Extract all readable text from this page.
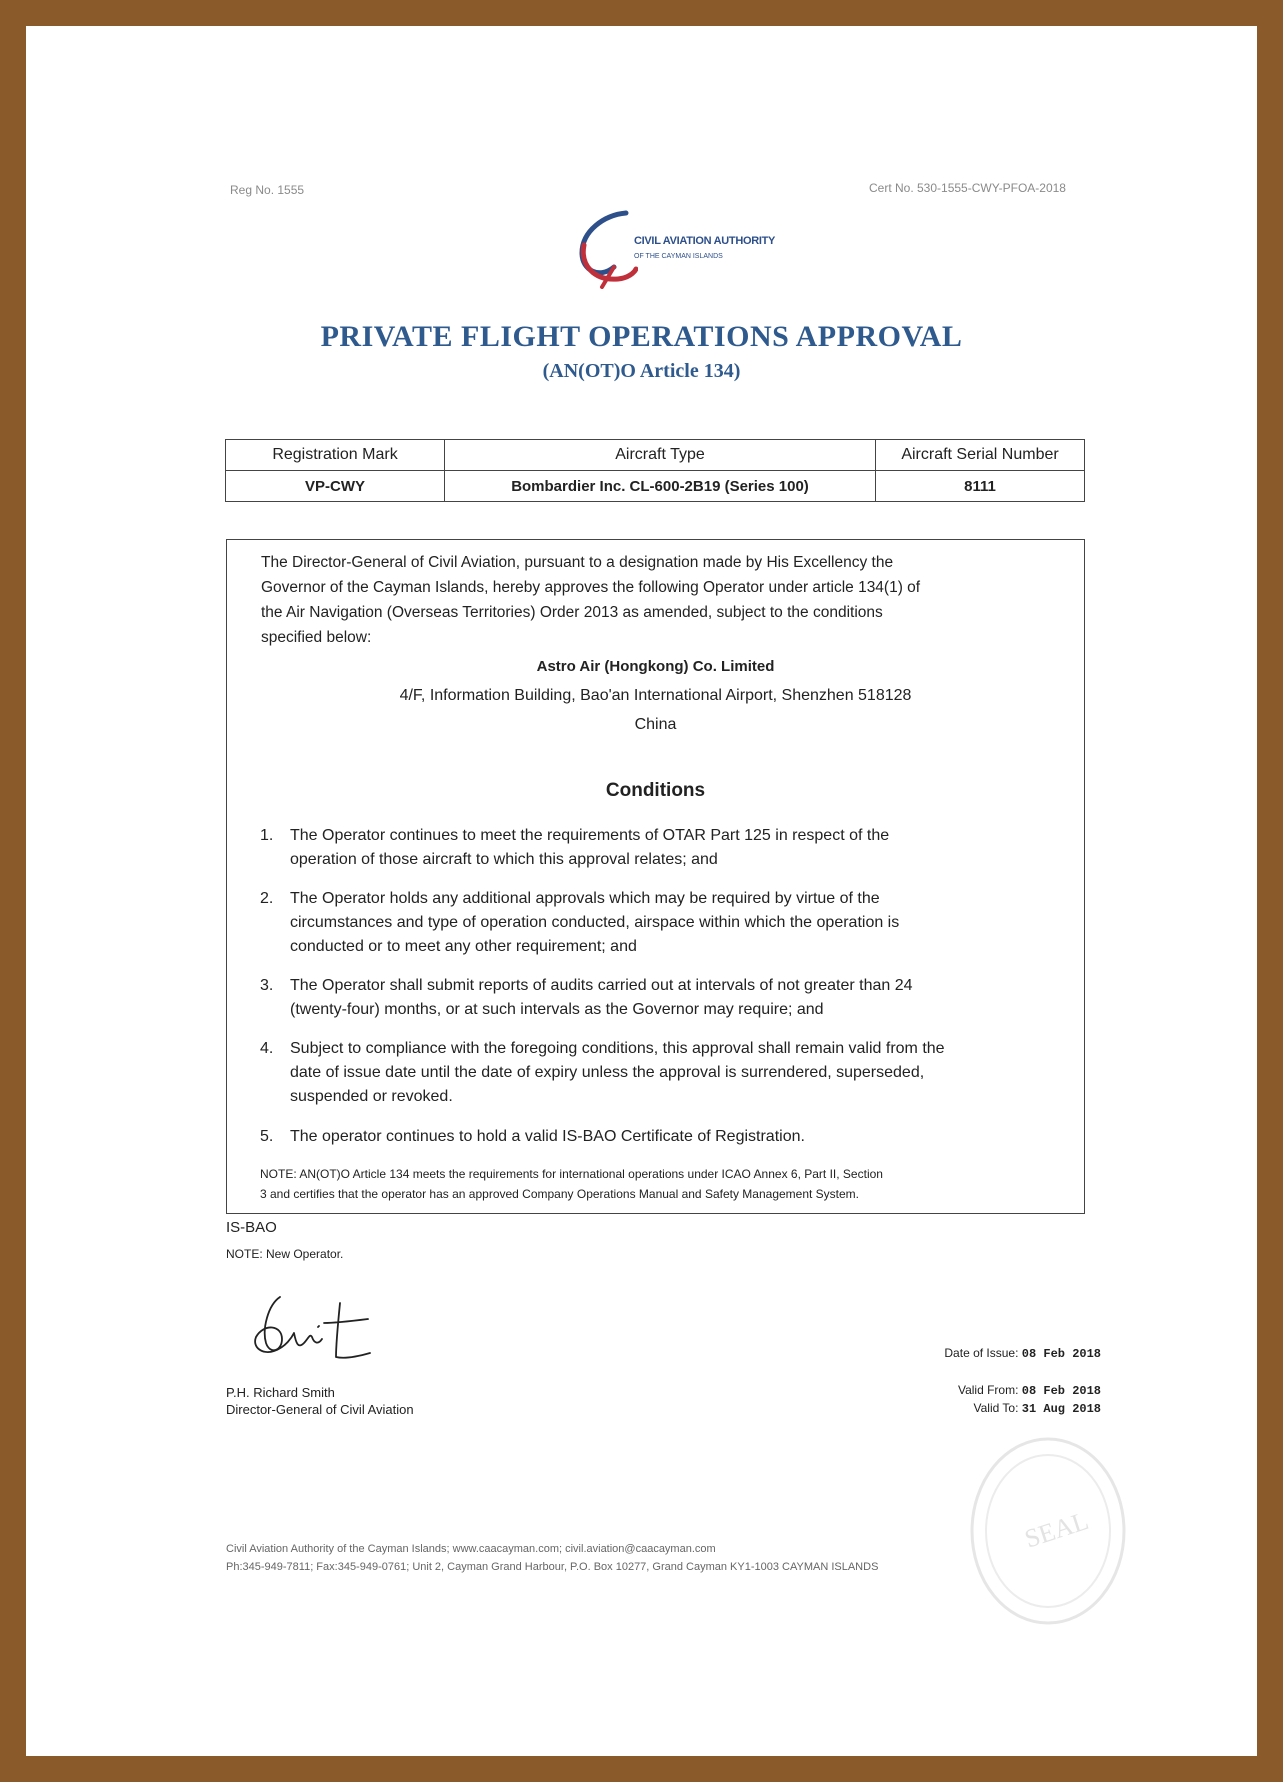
Reg No. 1555	Cert No. 530-1555-CWY-PFOA-2018
CIVIL AVIATION AUTHORITY
OF THE CAYMAN ISLANDS
PRIVATE FLIGHT OPERATIONS APPROVAL
(AN(OT)O Article 134)
Registration Mark	Aircraft Type	Aircraft Serial Number
VP-CWY	Bombardier Inc. CL-600-2B19 (Series 100)	8111
The Director-General of Civil Aviation, pursuant to a designation made by His Excellency the
Governor of the Cayman Islands, hereby approves the following Operator under article 134(1) of
the Air Navigation (Overseas Territories) Order 2013 as amended, subject to the conditions
specified below:
Astro Air (Hongkong) Co. Limited
4/F, Information Building, Bao'an International Airport, Shenzhen 518128
China
Conditions
1. The Operator continues to meet the requirements of OTAR Part 125 in respect of the
operation of those aircraft to which this approval relates; and
2. The Operator holds any additional approvals which may be required by virtue of the
circumstances and type of operation conducted, airspace within which the operation is
conducted or to meet any other requirement; and
3. The Operator shall submit reports of audits carried out at intervals of not greater than 24
(twenty-four) months, or at such intervals as the Governor may require; and
4. Subject to compliance with the foregoing conditions, this approval shall remain valid from the
date of issue date until the date of expiry unless the approval is surrendered, superseded,
suspended or revoked.
5. The operator continues to hold a valid IS-BAO Certificate of Registration.
NOTE: AN(OT)O Article 134 meets the requirements for international operations under ICAO Annex 6, Part II, Section
3 and certifies that the operator has an approved Company Operations Manual and Safety Management System.
IS-BAO
NOTE: New Operator.
P.H. Richard Smith
Director-General of Civil Aviation
Date of Issue: 08 Feb 2018
Valid From: 08 Feb 2018
Valid To: 31 Aug 2018
SEAL
Civil Aviation Authority of the Cayman Islands; www.caacayman.com; civil.aviation@caacayman.com
Ph:345-949-7811; Fax:345-949-0761; Unit 2, Cayman Grand Harbour, P.O. Box 10277, Grand Cayman KY1-1003 CAYMAN ISLANDS
